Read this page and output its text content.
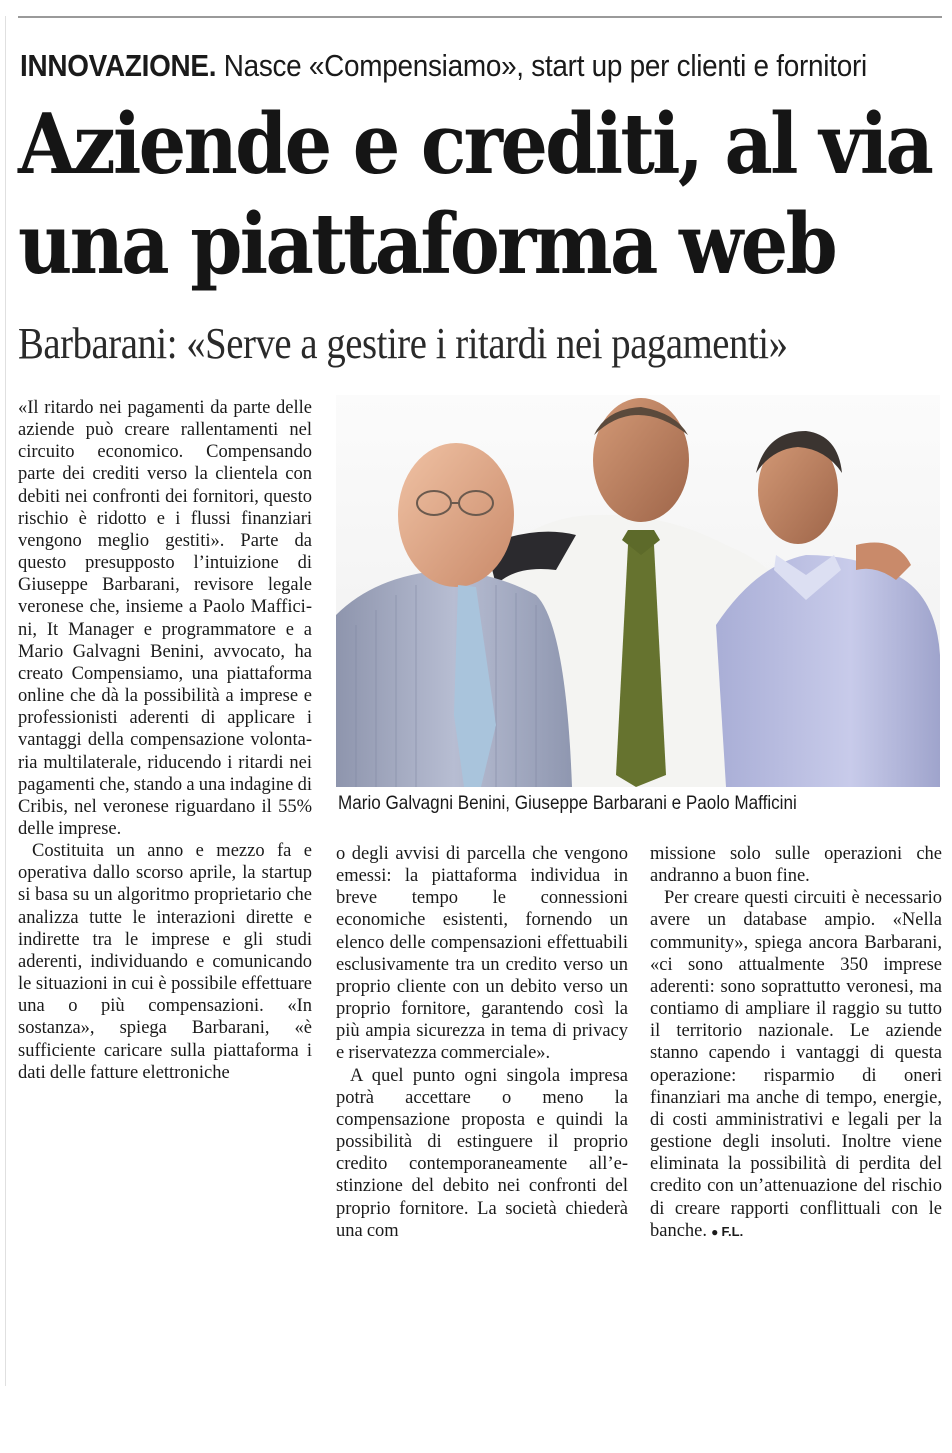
INNOVAZIONE. Nasce «Compensiamo», start up per clienti e fornitori
Aziende e crediti, al via
una piattaforma web
Barbarani: «Serve a gestire i ritardi nei pagamenti»

«Il ritardo nei pagamenti da parte delle aziende può creare rallentamenti nel circuito economico. Compensando parte dei crediti verso la clientela con debiti nei confronti dei fornitori, questo rischio è ridotto e i flussi finanziari vengono meglio gestiti». Parte da questo presupposto l’intuizione di Giuseppe Barbarani, revisore legale veronese che, insieme a Paolo Mafficini, It Manager e programmatore e a Mario Galvagni Benini, avvocato, ha creato Compensiamo, una piattaforma online che dà la possibilità a imprese e professionisti aderenti di applicare i vantaggi della compensazione volontaria multilaterale, riducendo i ritardi nei pagamenti che, stando a una indagine di Cribis, nel veronese riguardano il 55% delle imprese.

Costituita un anno e mezzo fa e operativa dallo scorso aprile, la startup si basa su un algoritmo proprietario che analizza tutte le interazioni dirette e indirette tra le imprese e gli studi aderenti, individuando e comunicando le situazioni in cui è possibile effettuare una o più compensazioni. «In sostanza», spiega Barbarani, «è sufficiente caricare sulla piattaforma i dati delle fatture elettroniche

Mario Galvagni Benini, Giuseppe Barbarani e Paolo Mafficini

o degli avvisi di parcella che vengono emessi: la piattaforma individua in breve tempo le connessioni economiche esistenti, fornendo un elenco delle compensazioni effettuabili esclusivamente tra un credito verso un proprio cliente con un debito verso un proprio fornitore, garantendo così la più ampia sicurezza in tema di privacy e riservatezza commerciale».

A quel punto ogni singola impresa potrà accettare o meno la compensazione proposta e quindi la possibilità di estinguere il proprio credito contemporaneamente all’estinzione del debito nei confronti del proprio fornitore. La società chiederà una com

missione solo sulle operazioni che andranno a buon fine.

Per creare questi circuiti è necessario avere un database ampio. «Nella community», spiega ancora Barbarani, «ci sono attualmente 350 imprese aderenti: sono soprattutto veronesi, ma contiamo di ampliare il raggio su tutto il territorio nazionale. Le aziende stanno capendo i vantaggi di questa operazione: risparmio di oneri finanziari ma anche di tempo, energie, di costi amministrativi e legali per la gestione degli insoluti. Inoltre viene eliminata la possibilità di perdita del credito con un’attenuazione del rischio di creare rapporti conflittuali con le banche. ● F.L.
